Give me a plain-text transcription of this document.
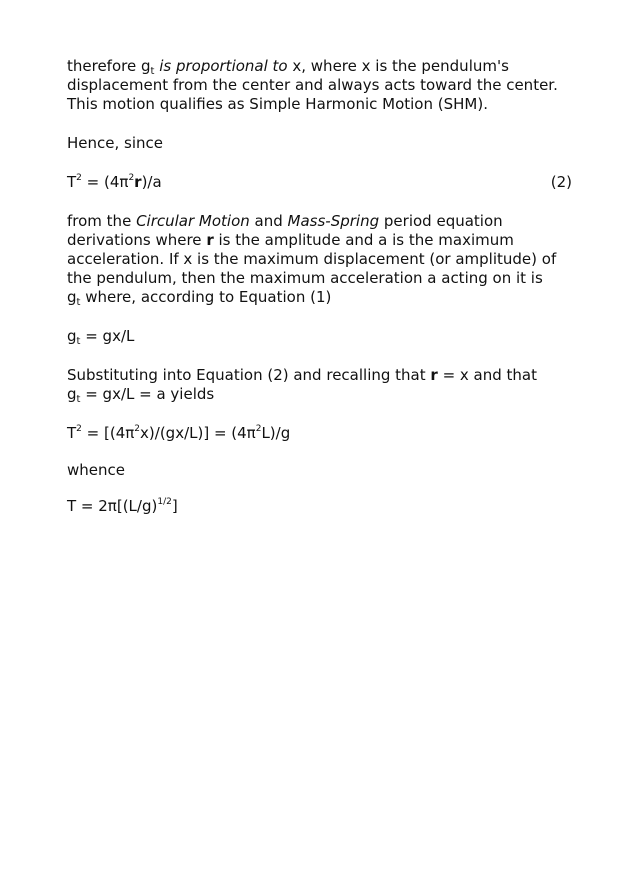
therefore $g_t$ is proportional to x, where x is the pendulum's
displacement from the center and always acts toward the center.
This motion qualifies as Simple Harmonic Motion (SHM).
Hence, since
$T^2 = (4\pi^2r)/a$	(2)
from the Circular Motion and Mass-Spring period equation
derivations where r is the amplitude and a is the maximum
acceleration. If x is the maximum displacement (or amplitude) of
the pendulum, then the maximum acceleration a acting on it is
$g_t$ where, according to Equation (1)
$g_t = gx/L$
Substituting into Equation (2) and recalling that r = x and that
$g_t = gx/L = a$ yields
$T^2 = [(4\pi^2x)/(gx/L)] = (4\pi^2L)/g$
whence
$T = 2\pi[(L/g)^{1/2}]$
